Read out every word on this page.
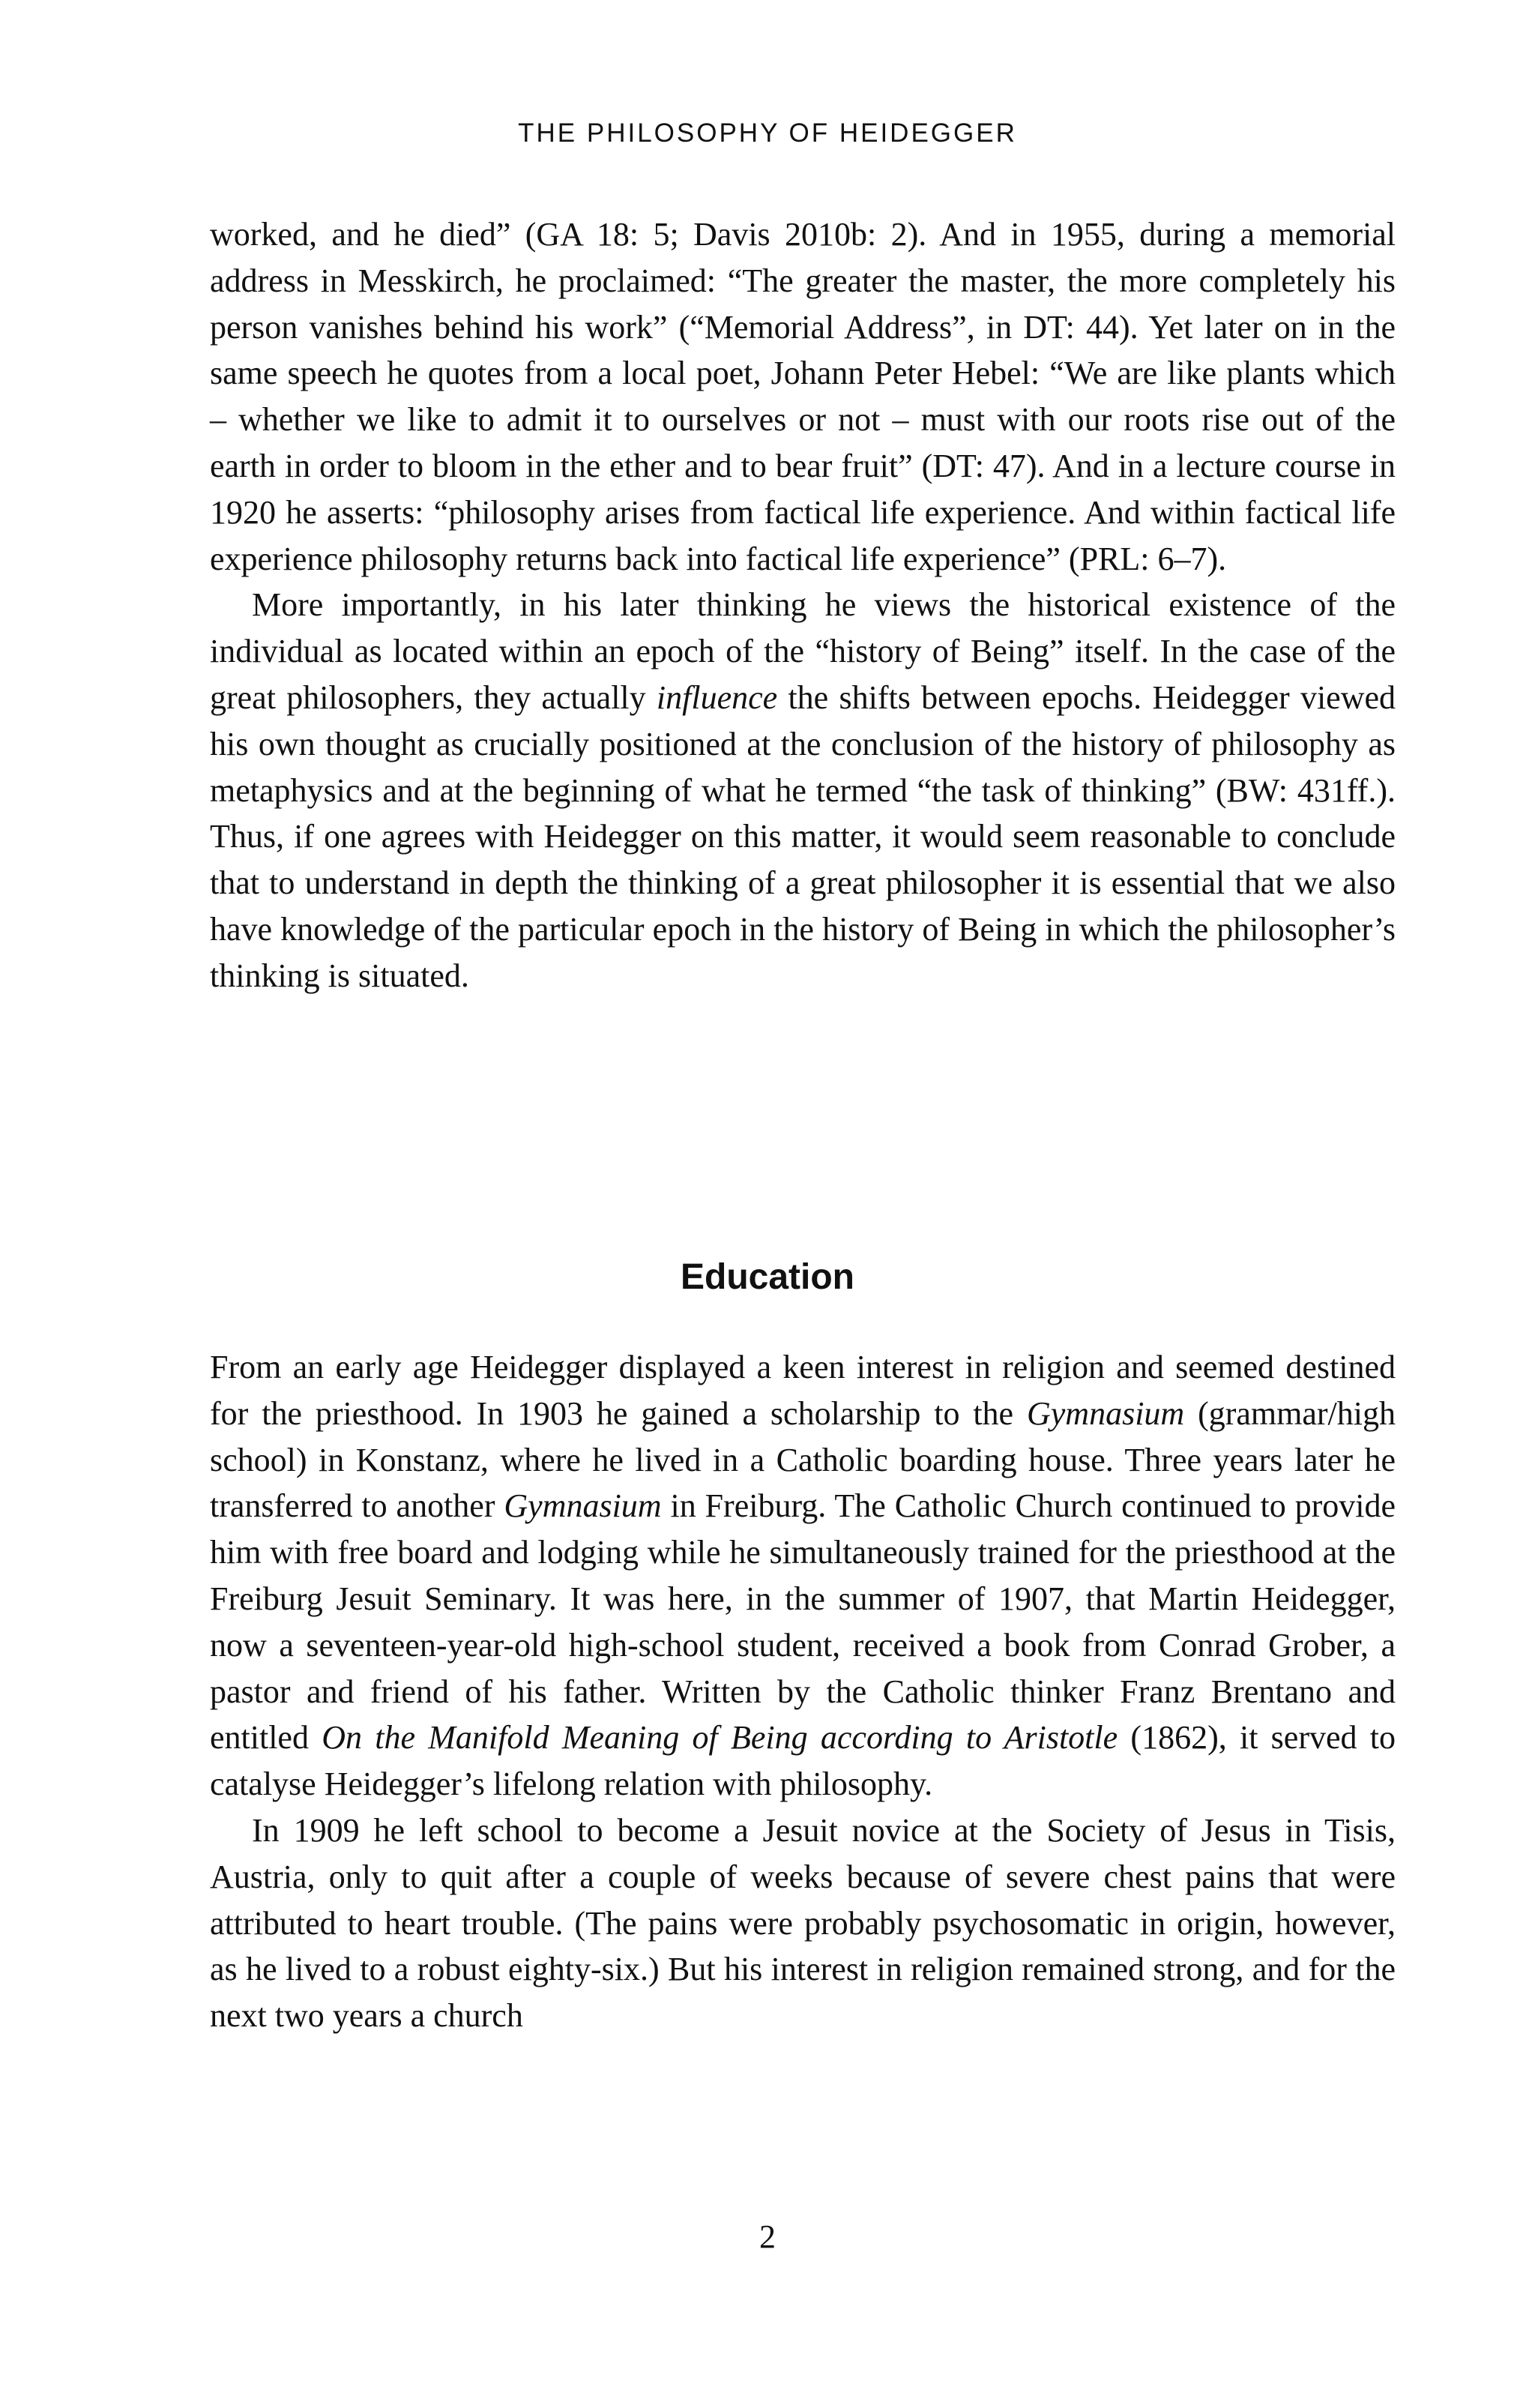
THE PHILOSOPHY OF HEIDEGGER

worked, and he died” (GA 18: 5; Davis 2010b: 2). And in 1955, during a memorial address in Messkirch, he proclaimed: “The greater the master, the more completely his person vanishes behind his work” (“Memorial Address”, in DT: 44). Yet later on in the same speech he quotes from a local poet, Johann Peter Hebel: “We are like plants which – whether we like to admit it to ourselves or not – must with our roots rise out of the earth in order to bloom in the ether and to bear fruit” (DT: 47). And in a lecture course in 1920 he asserts: “philosophy arises from factical life experience. And within factical life experience philosophy returns back into factical life experience” (PRL: 6–7).

More importantly, in his later thinking he views the historical existence of the individual as located within an epoch of the “history of Being” itself. In the case of the great philosophers, they actually influence the shifts between epochs. Heidegger viewed his own thought as crucially positioned at the conclusion of the history of philosophy as metaphysics and at the beginning of what he termed “the task of thinking” (BW: 431ff.). Thus, if one agrees with Heidegger on this matter, it would seem reasonable to conclude that to understand in depth the thinking of a great philosopher it is essential that we also have knowledge of the particular epoch in the history of Being in which the philosopher’s thinking is situated.

Education

From an early age Heidegger displayed a keen interest in religion and seemed destined for the priesthood. In 1903 he gained a scholarship to the Gymnasium (grammar/high school) in Konstanz, where he lived in a Catholic boarding house. Three years later he transferred to another Gymnasium in Freiburg. The Catholic Church continued to provide him with free board and lodging while he simultaneously trained for the priesthood at the Freiburg Jesuit Seminary. It was here, in the summer of 1907, that Martin Heidegger, now a seventeen-year-old high-school student, received a book from Conrad Grober, a pastor and friend of his father. Written by the Catholic thinker Franz Brentano and entitled On the Manifold Meaning of Being according to Aristotle (1862), it served to catalyse Heidegger’s lifelong relation with philosophy.

In 1909 he left school to become a Jesuit novice at the Society of Jesus in Tisis, Austria, only to quit after a couple of weeks because of severe chest pains that were attributed to heart trouble. (The pains were probably psychosomatic in origin, however, as he lived to a robust eighty-six.) But his interest in religion remained strong, and for the next two years a church

2
